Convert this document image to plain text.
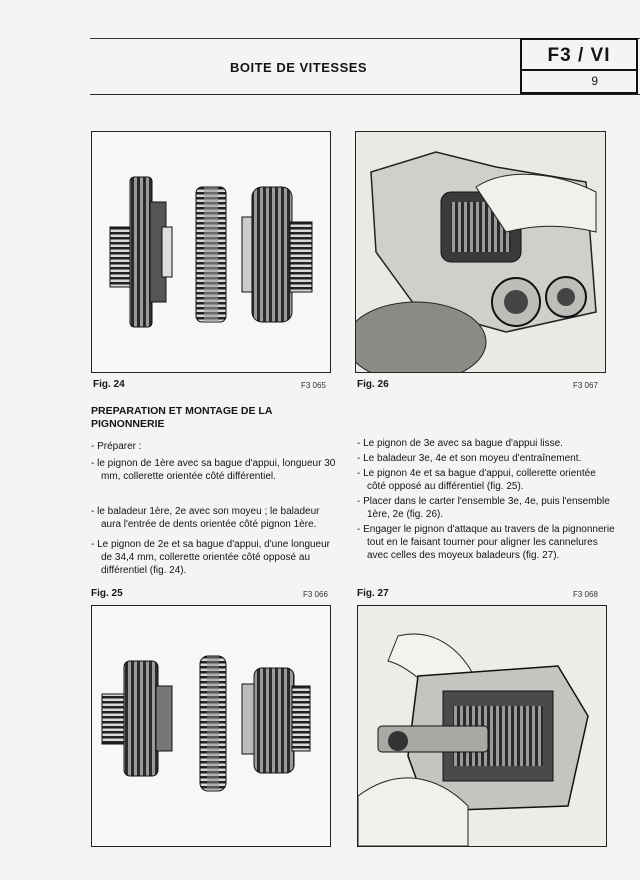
BOITE DE VITESSES
F3 / VI
9
Fig. 24	F3 065	Fig. 26	F3 067
PREPARATION ET MONTAGE DE LA PIGNONNERIE
- Préparer :
- le pignon de 1ère avec sa bague d'appui, longueur 30 mm, collerette orientée côté différentiel.
- le baladeur 1ère, 2e avec son moyeu ; le baladeur aura l'entrée de dents orientée côté pignon 1ère.
- Le pignon de 2e et sa bague d'appui, d'une longueur de 34,4 mm, collerette orientée côté opposé au différentiel (fig. 24).
- Le pignon de 3e avec sa bague d'appui lisse.
- Le baladeur 3e, 4e et son moyeu d'entraînement.
- Le pignon 4e et sa bague d'appui, collerette orientée côté opposé au différentiel (fig. 25).
- Placer dans le carter l'ensemble 3e, 4e, puis l'ensemble 1ère, 2e (fig. 26).
- Engager le pignon d'attaque au travers de la pignonnerie tout en le faisant tourner pour aligner les cannelures avec celles des moyeux baladeurs (fig. 27).
Fig. 25	F3 066	Fig. 27	F3 068
